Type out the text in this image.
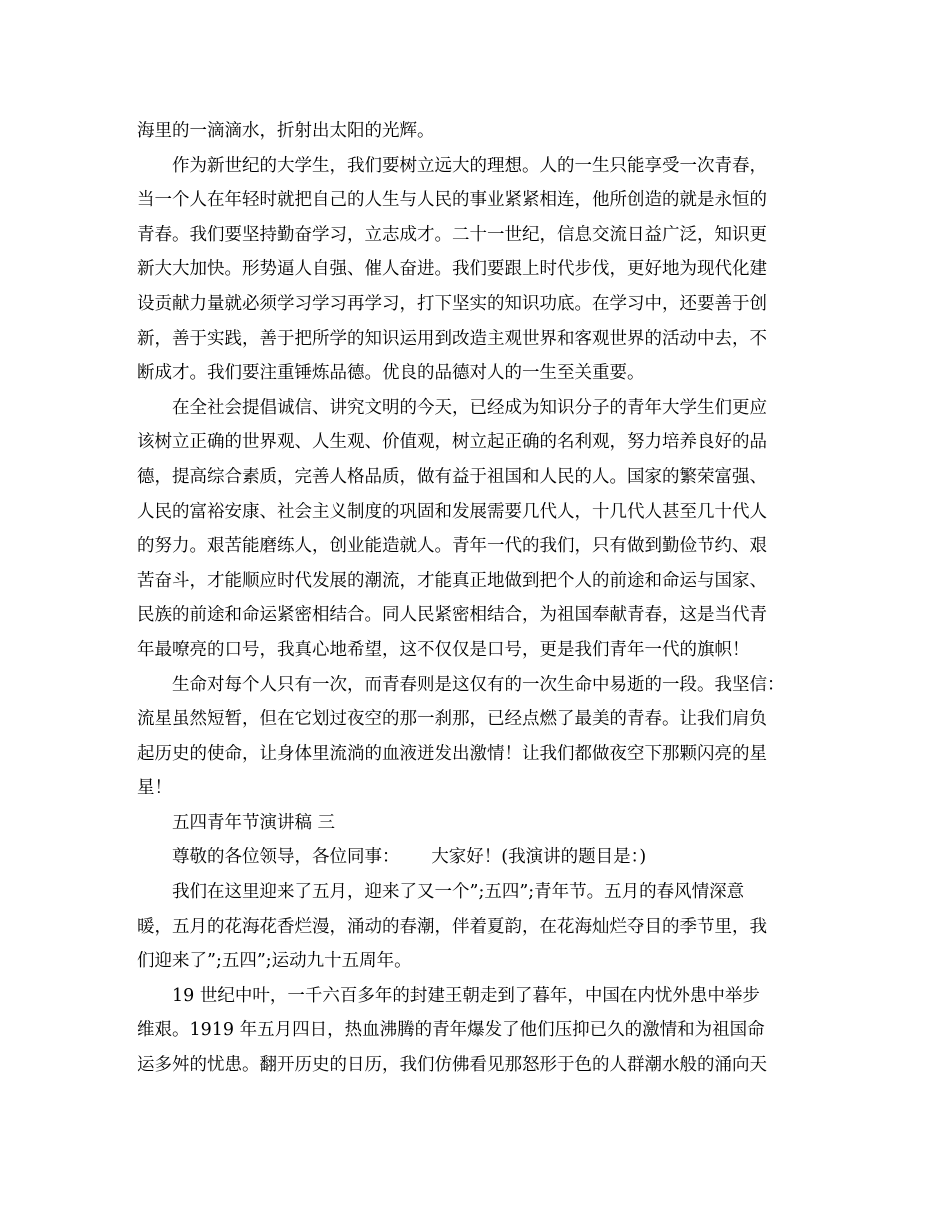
海里的一滴滴水，折射出太阳的光辉。
作为新世纪的大学生，我们要树立远大的理想。人的一生只能享受一次青春，
当一个人在年轻时就把自己的人生与人民的事业紧紧相连，他所创造的就是永恒的
青春。我们要坚持勤奋学习，立志成才。二十一世纪，信息交流日益广泛，知识更
新大大加快。形势逼人自强、催人奋进。我们要跟上时代步伐，更好地为现代化建
设贡献力量就必须学习学习再学习，打下坚实的知识功底。在学习中，还要善于创
新，善于实践，善于把所学的知识运用到改造主观世界和客观世界的活动中去，不
断成才。我们要注重锤炼品德。优良的品德对人的一生至关重要。
在全社会提倡诚信、讲究文明的今天，已经成为知识分子的青年大学生们更应
该树立正确的世界观、人生观、价值观，树立起正确的名利观，努力培养良好的品
德，提高综合素质，完善人格品质，做有益于祖国和人民的人。国家的繁荣富强、
人民的富裕安康、社会主义制度的巩固和发展需要几代人，十几代人甚至几十代人
的努力。艰苦能磨练人，创业能造就人。青年一代的我们，只有做到勤俭节约、艰
苦奋斗，才能顺应时代发展的潮流，才能真正地做到把个人的前途和命运与国家、
民族的前途和命运紧密相结合。同人民紧密相结合，为祖国奉献青春，这是当代青
年最嘹亮的口号，我真心地希望，这不仅仅是口号，更是我们青年一代的旗帜！
生命对每个人只有一次，而青春则是这仅有的一次生命中易逝的一段。我坚信：
流星虽然短暂，但在它划过夜空的那一刹那，已经点燃了最美的青春。让我们肩负
起历史的使命，让身体里流淌的血液迸发出激情！让我们都做夜空下那颗闪亮的星
星！
五四青年节演讲稿 三
尊敬的各位领导，各位同事：　　 大家好！(我演讲的题目是：)
我们在这里迎来了五月，迎来了又一个”;五四”;青年节。五月的春风情深意
暖，五月的花海花香烂漫，涌动的春潮，伴着夏韵，在花海灿烂夺目的季节里，我
们迎来了”;五四”;运动九十五周年。
19 世纪中叶，一千六百多年的封建王朝走到了暮年，中国在内忧外患中举步
维艰。1919 年五月四日，热血沸腾的青年爆发了他们压抑已久的激情和为祖国命
运多舛的忧患。翻开历史的日历，我们仿佛看见那怒形于色的人群潮水般的涌向天
